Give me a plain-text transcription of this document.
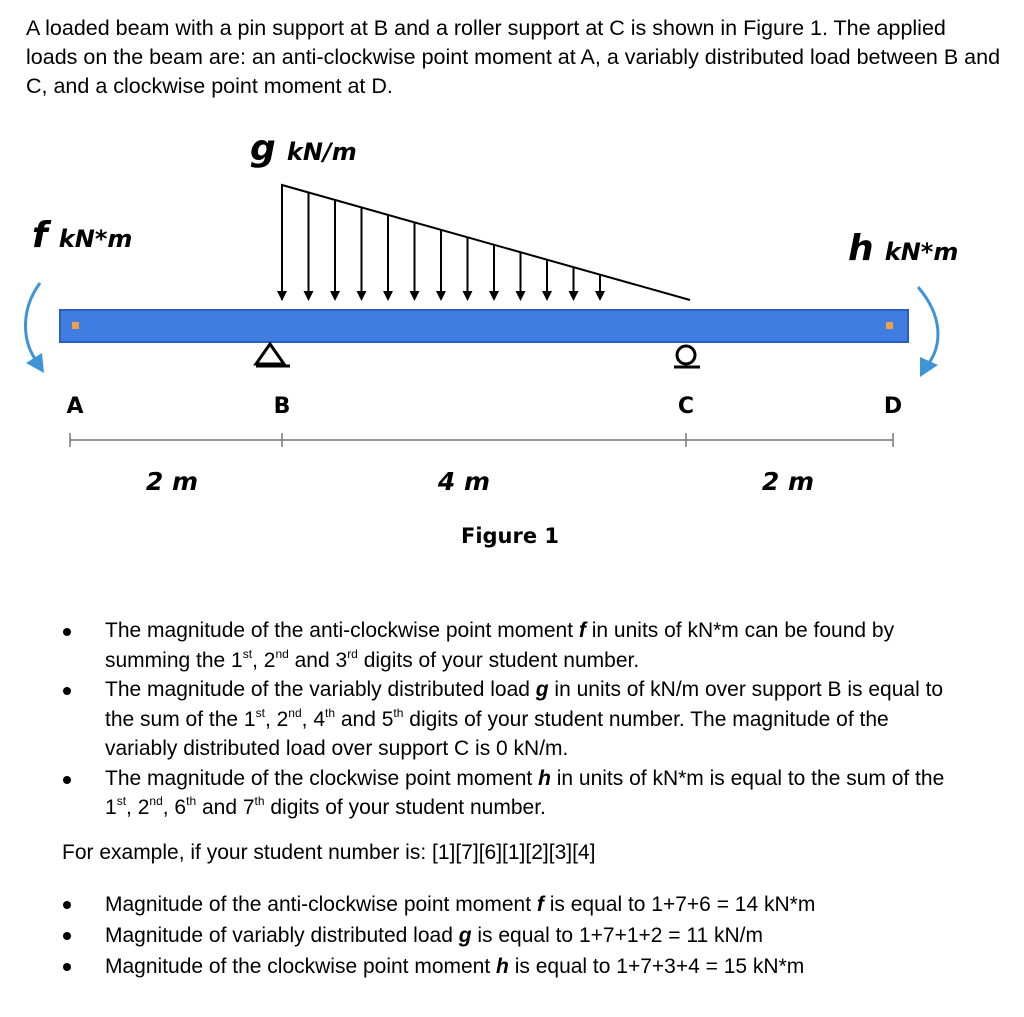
A loaded beam with a pin support at B and a roller support at C is shown in Figure 1. The applied loads on the beam are: an anti-clockwise point moment at A, a variably distributed load between B and C, and a clockwise point moment at D.

g kN/m
f kN*m	h kN*m
A	B	C	D
2 m	4 m	2 m
Figure 1
The magnitude of the anti-clockwise point moment f in units of kN*m can be found by summing the 1st, 2nd and 3rd digits of your student number.
The magnitude of the variably distributed load g in units of kN/m over support B is equal to the sum of the 1st, 2nd, 4th and 5th digits of your student number. The magnitude of the variably distributed load over support C is 0 kN/m.
The magnitude of the clockwise point moment h in units of kN*m is equal to the sum of the 1st, 2nd, 6th and 7th digits of your student number.

For example, if your student number is: [1][7][6][1][2][3][4]

Magnitude of the anti-clockwise point moment f is equal to 1+7+6 = 14 kN*m
Magnitude of variably distributed load g is equal to 1+7+1+2 = 11 kN/m
Magnitude of the clockwise point moment h is equal to 1+7+3+4 = 15 kN*m
